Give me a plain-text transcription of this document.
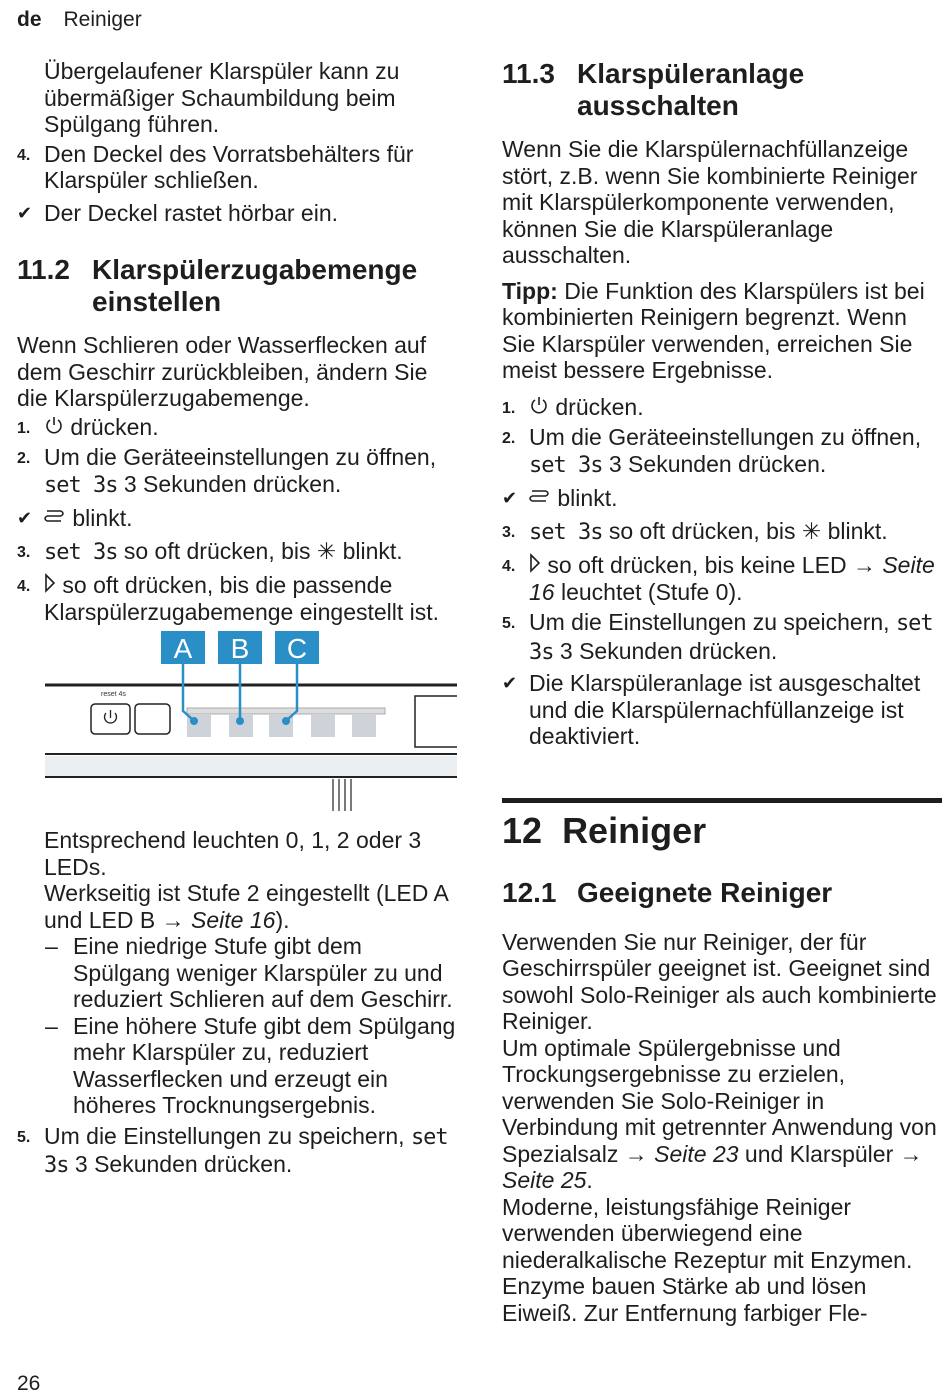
de Reiniger

Übergelaufener Klarspüler kann zu übermäßiger Schaumbildung beim Spülgang führen.

4. Den Deckel des Vorratsbehälters für Klarspüler schließen.
✔ Der Deckel rastet hörbar ein.
11.2 Klarspülerzugabemenge einstellen

Wenn Schlieren oder Wasserflecken auf dem Geschirr zurückbleiben, ändern Sie die Klarspülerzugabemenge.

1. drücken.
2. Um die Geräteeinstellungen zu öffnen, set 3s 3 Sekunden drücken.
✔ blinkt.
3. set 3s so oft drücken, bis ✳ blinkt.
4. so oft drücken, bis die passende Klarspülerzugabemenge eingestellt ist.
A B C
reset 4s

Entsprechend leuchten 0, 1, 2 oder 3 LEDs.

Werkseitig ist Stufe 2 eingestellt (LED A und LED B → Seite 16).

– Eine niedrige Stufe gibt dem Spülgang weniger Klarspüler zu und reduziert Schlieren auf dem Geschirr.
– Eine höhere Stufe gibt dem Spülgang mehr Klarspüler zu, reduziert Wasserflecken und erzeugt ein höheres Trocknungsergebnis.
5. Um die Einstellungen zu speichern, set 3s 3 Sekunden drücken.
11.3 Klarspüleranlage ausschalten

Wenn Sie die Klarspülernachfüllanzeige stört, z.B. wenn Sie kombinierte Reiniger mit Klarspülerkomponente verwenden, können Sie die Klarspüleranlage ausschalten.

Tipp: Die Funktion des Klarspülers ist bei kombinierten Reinigern begrenzt. Wenn Sie Klarspüler verwenden, erreichen Sie meist bessere Ergebnisse.

1. drücken.
2. Um die Geräteeinstellungen zu öffnen, set 3s 3 Sekunden drücken.
✔ blinkt.
3. set 3s so oft drücken, bis ✳ blinkt.
4. so oft drücken, bis keine LED → Seite 16 leuchtet (Stufe 0).
5. Um die Einstellungen zu speichern, set 3s 3 Sekunden drücken.
✔ Die Klarspüleranlage ist ausgeschaltet und die Klarspülernachfüllanzeige ist deaktiviert.
12 Reiniger
12.1 Geeignete Reiniger

Verwenden Sie nur Reiniger, der für Geschirrspüler geeignet ist. Geeignet sind sowohl Solo-Reiniger als auch kombinierte Reiniger.

Um optimale Spülergebnisse und Trockungsergebnisse zu erzielen, verwenden Sie Solo-Reiniger in Verbindung mit getrennter Anwendung von Spezialsalz → Seite 23 und Klarspüler → Seite 25.

Moderne, leistungsfähige Reiniger verwenden überwiegend eine niederalkalische Rezeptur mit Enzymen. Enzyme bauen Stärke ab und lösen Eiweiß. Zur Entfernung farbiger Fle-

26
